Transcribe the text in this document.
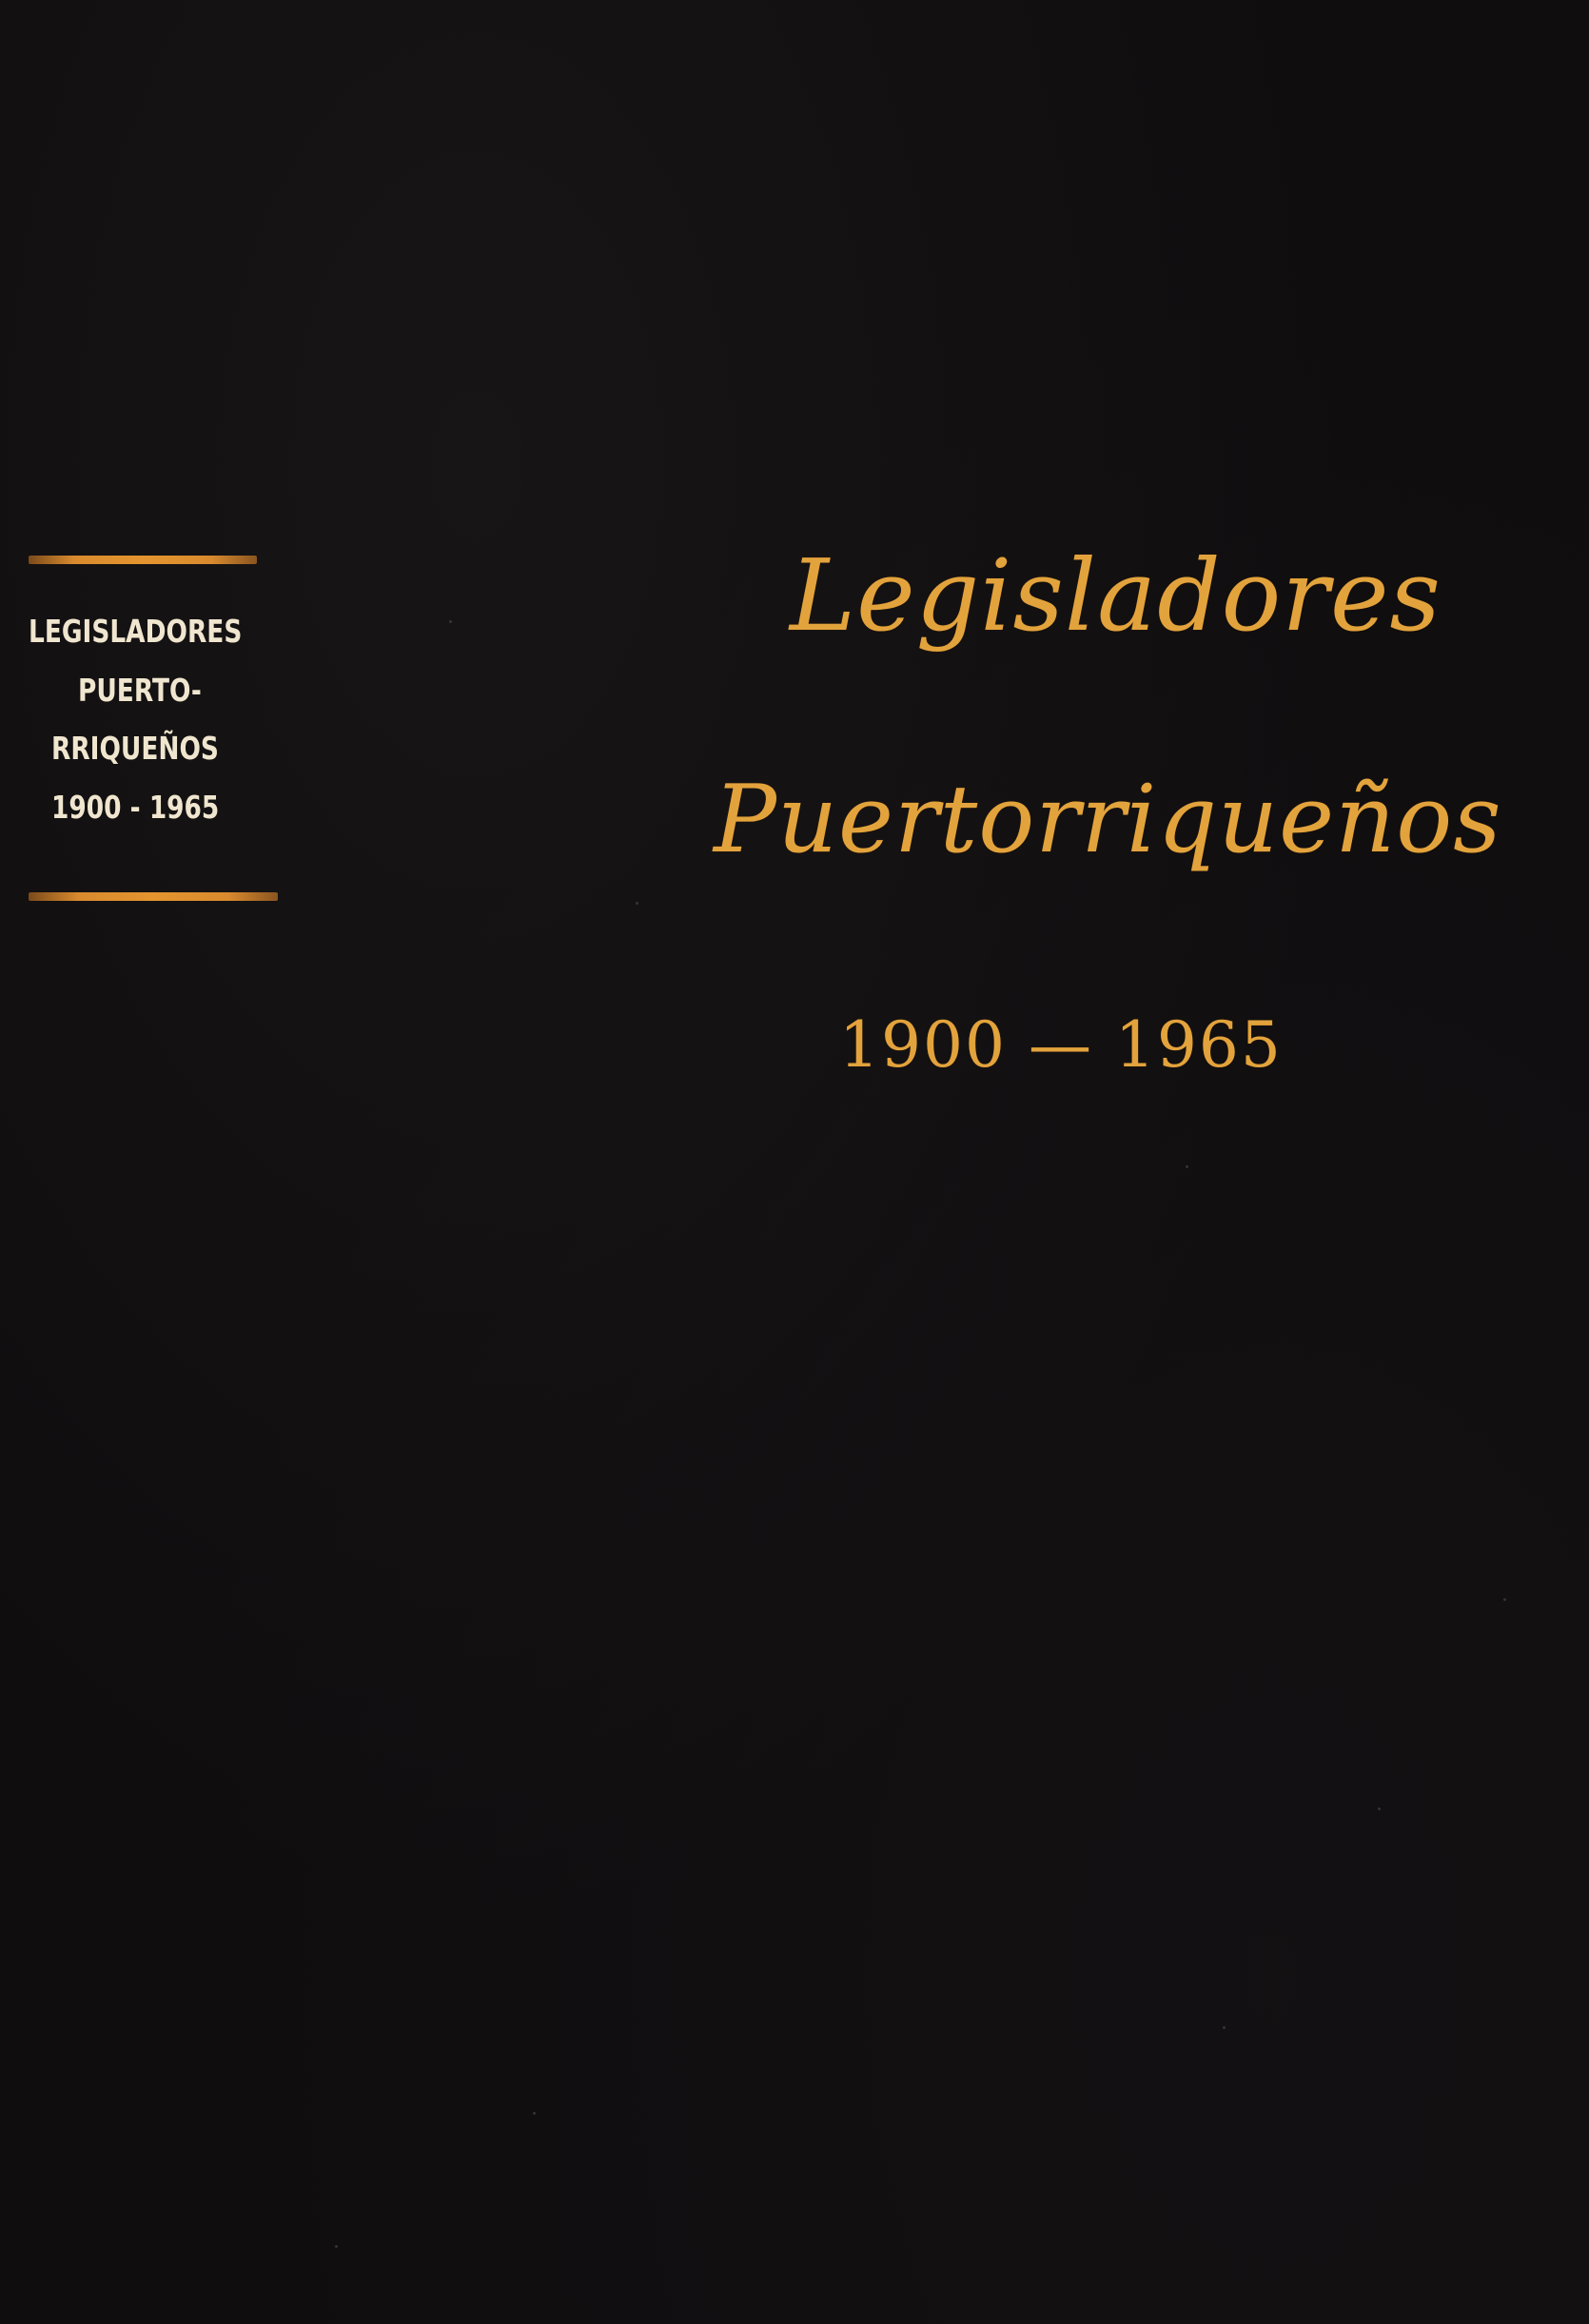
LEGISLADORES
PUERTO-
RRIQUEÑOS
1900 - 1965
Legisladores
Puertorriqueños
1900 — 1965
